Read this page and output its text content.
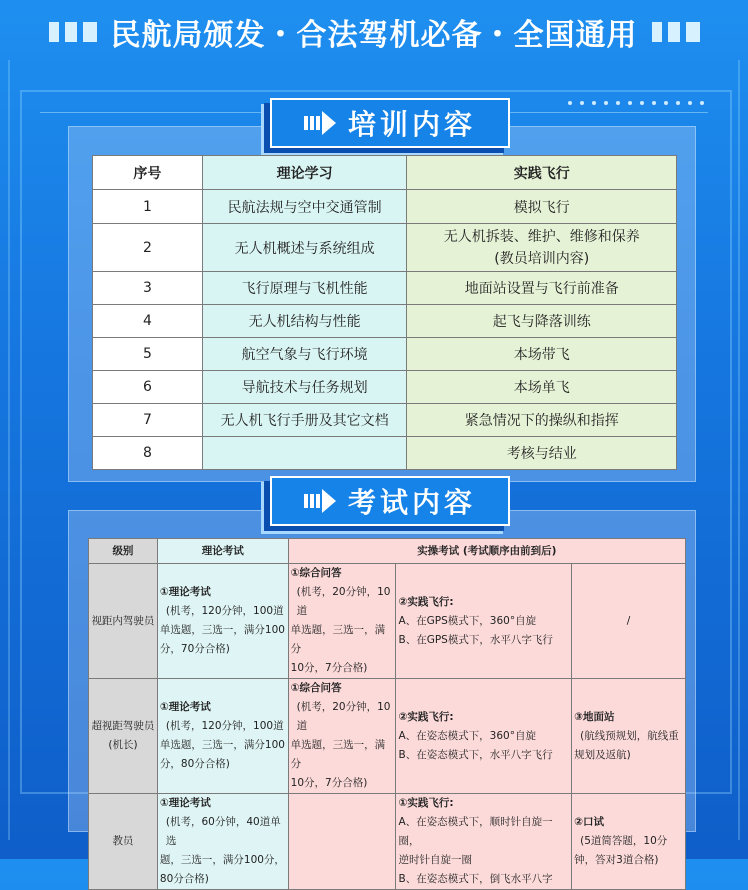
民航局颁发・合法驾机必备・全国通用
培训内容
序号	理论学习	实践飞行
1	民航法规与空中交通管制	模拟飞行
2	无人机概述与系统组成	无人机拆装、维护、维修和保养
(教员培训内容)

3	飞行原理与飞机性能	地面站设置与飞行前准备
4	无人机结构与性能	起飞与降落训练
5	航空气象与飞行环境	本场带飞
6	导航技术与任务规划	本场单飞
7	无人机飞行手册及其它文档	紧急情况下的操纵和指挥
8		考核与结业
考试内容
级别	理论考试	实操考试 (考试顺序由前到后)		
视距内驾驶员	①理论考试
(机考，120分钟，100道
单选题，三选一，满分100
分，70分合格)	①综合问答
(机考，20分钟，10道
单选题，三选一，满分
10分，7分合格)	②实践飞行:
A、在GPS模式下，360°自旋
B、在GPS模式下，水平八字飞行	/

超视距驾驶员
(机长)	①理论考试
(机考，120分钟，100道
单选题，三选一，满分100
分，80分合格)	①综合问答
(机考，20分钟，10道
单选题，三选一，满分
10分，7分合格)	②实践飞行:
A、在姿态模式下，360°自旋
B、在姿态模式下，水平八字飞行	③地面站
(航线预规划，航线重
规划及返航)

教员	①理论考试
(机考，60分钟，40道单选
题，三选一，满分100分，
80分合格)		①实践飞行:
A、在姿态模式下，顺时针自旋一圈，
逆时针自旋一圈
B、在姿态模式下，倒飞水平八字	②口试
(5道简答题，10分
钟，答对3道合格)
